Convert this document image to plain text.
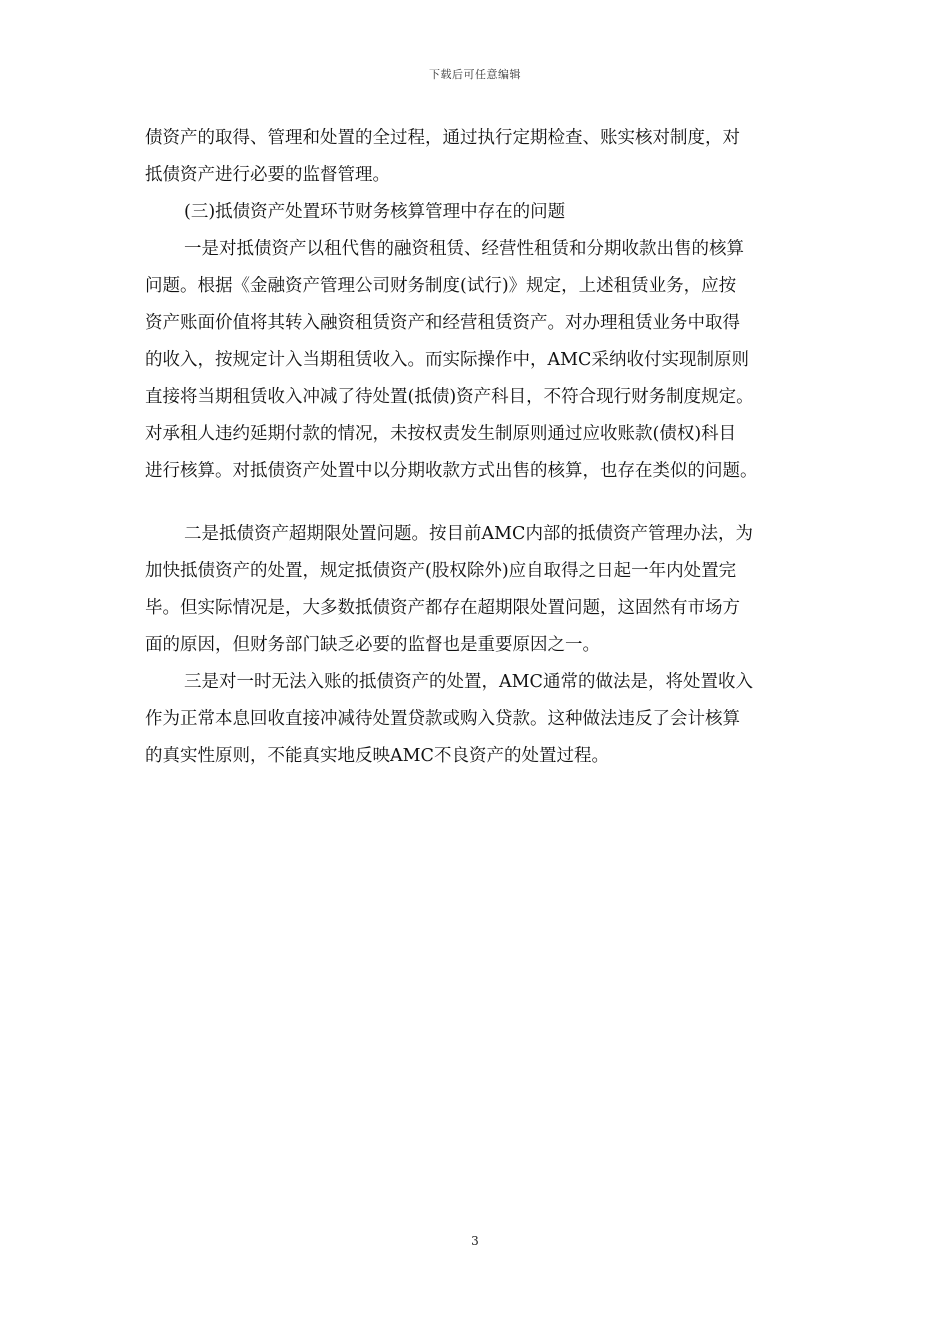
下载后可任意编辑
债资产的取得、管理和处置的全过程，通过执行定期检查、账实核对制度，对
抵债资产进行必要的监督管理。
(三)抵债资产处置环节财务核算管理中存在的问题
一是对抵债资产以租代售的融资租赁、经营性租赁和分期收款出售的核算
问题。根据《金融资产管理公司财务制度(试行)》规定，上述租赁业务，应按
资产账面价值将其转入融资租赁资产和经营租赁资产。对办理租赁业务中取得
的收入，按规定计入当期租赁收入。而实际操作中，AMC采纳收付实现制原则
直接将当期租赁收入冲减了待处置(抵债)资产科目，不符合现行财务制度规定。
对承租人违约延期付款的情况，未按权责发生制原则通过应收账款(债权)科目
进行核算。对抵债资产处置中以分期收款方式出售的核算，也存在类似的问题。
二是抵债资产超期限处置问题。按目前AMC内部的抵债资产管理办法，为
加快抵债资产的处置，规定抵债资产(股权除外)应自取得之日起一年内处置完
毕。但实际情况是，大多数抵债资产都存在超期限处置问题，这固然有市场方
面的原因，但财务部门缺乏必要的监督也是重要原因之一。
三是对一时无法入账的抵债资产的处置，AMC通常的做法是，将处置收入
作为正常本息回收直接冲减待处置贷款或购入贷款。这种做法违反了会计核算
的真实性原则，不能真实地反映AMC不良资产的处置过程。
3
